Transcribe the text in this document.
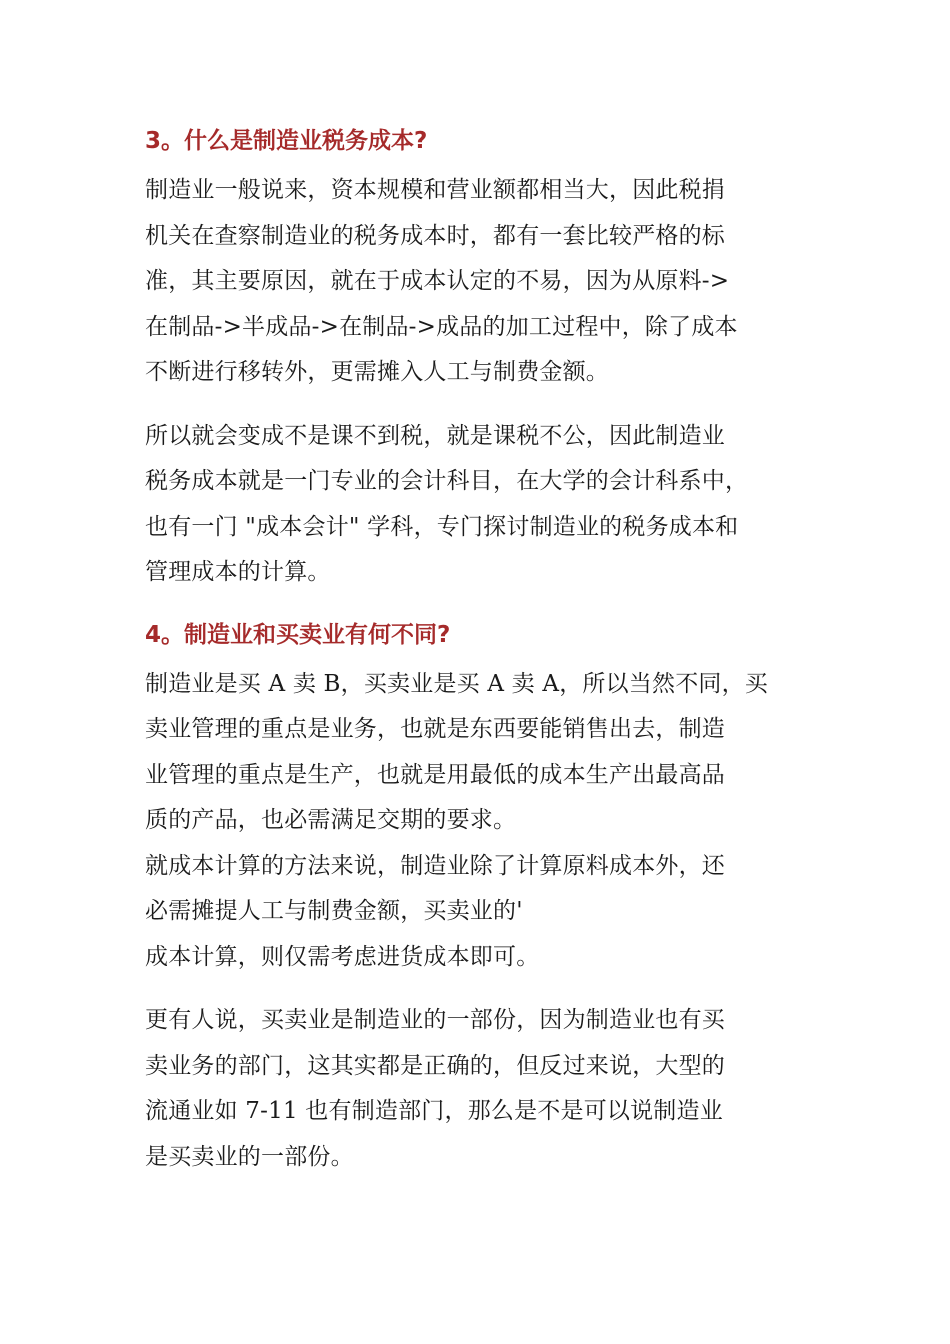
3。什么是制造业税务成本?

制造业一般说来，资本规模和营业额都相当大，因此税捐

机关在查察制造业的税务成本时，都有一套比较严格的标

准，其主要原因，就在于成本认定的不易，因为从原料->

在制品->半成品->在制品->成品的加工过程中，除了成本

不断进行移转外，更需摊入人工与制费金额。

所以就会变成不是课不到税，就是课税不公，因此制造业

税务成本就是一门专业的会计科目，在大学的会计科系中，

也有一门 "成本会计" 学科，专门探讨制造业的税务成本和

管理成本的计算。

4。制造业和买卖业有何不同?

制造业是买 A 卖 B，买卖业是买 A 卖 A，所以当然不同，买

卖业管理的重点是业务，也就是东西要能销售出去，制造

业管理的重点是生产，也就是用最低的成本生产出最高品

质的产品，也必需满足交期的要求。

就成本计算的方法来说，制造业除了计算原料成本外，还

必需摊提人工与制费金额，买卖业的'

成本计算，则仅需考虑进货成本即可。

更有人说，买卖业是制造业的一部份，因为制造业也有买

卖业务的部门，这其实都是正确的，但反过来说，大型的

流通业如 7-11 也有制造部门，那么是不是可以说制造业

是买卖业的一部份。
